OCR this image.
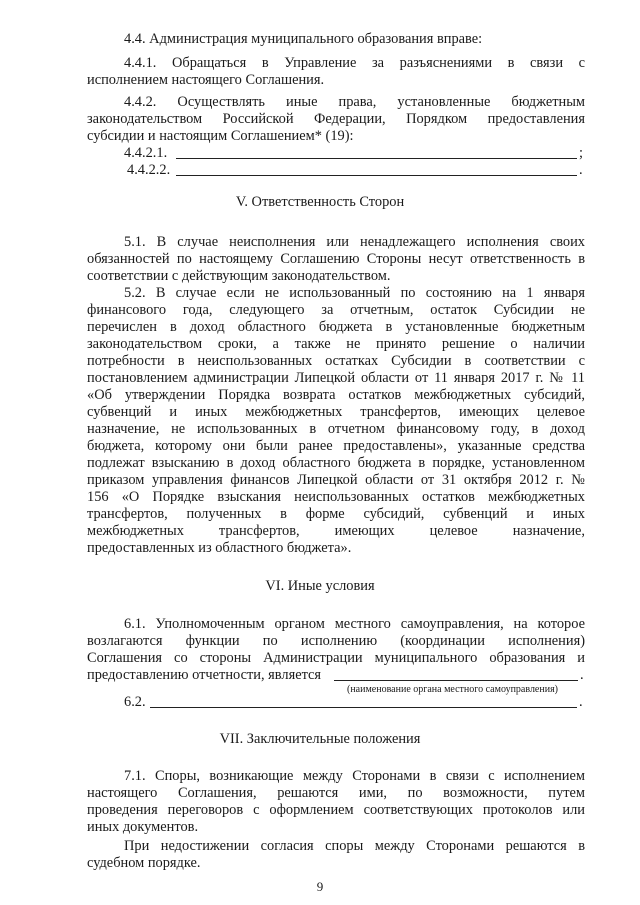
4.4. Администрация муниципального образования вправе:
4.4.1. Обращаться в Управление за разъяснениями в связи с
исполнением настоящего Соглашения.
4.4.2. Осуществлять иные права, установленные бюджетным
законодательством Российской Федерации, Порядком предоставления
субсидии и настоящим Соглашением* (19):
4.4.2.1.	;
4.4.2.2.	.
V. Ответственность Сторон
5.1. В случае неисполнения или ненадлежащего исполнения своих
обязанностей по настоящему Соглашению Стороны несут ответственность в
соответствии с действующим законодательством.
5.2. В случае если не использованный по состоянию на 1 января
финансового года, следующего за отчетным, остаток Субсидии не
перечислен в доход областного бюджета в установленные бюджетным
законодательством сроки, а также не принято решение о наличии
потребности в неиспользованных остатках Субсидии в соответствии с
постановлением администрации Липецкой области от 11 января 2017 г. № 11
«Об утверждении Порядка возврата остатков межбюджетных субсидий,
субвенций и иных межбюджетных трансфертов, имеющих целевое
назначение, не использованных в отчетном финансовому году, в доход
бюджета, которому они были ранее предоставлены», указанные средства
подлежат взысканию в доход областного бюджета в порядке, установленном
приказом управления финансов Липецкой области от 31 октября 2012 г. №
156 «О Порядке взыскания неиспользованных остатков межбюджетных
трансфертов, полученных в форме субсидий, субвенций и иных
межбюджетных трансфертов, имеющих целевое назначение,
предоставленных из областного бюджета».
VI. Иные условия
6.1. Уполномоченным органом местного самоуправления, на которое
возлагаются функции по исполнению (координации исполнения)
Соглашения со стороны Администрации муниципального образования и
предоставлению отчетности, является	.
(наименование органа местного самоуправления)
6.2.	.
VII. Заключительные положения
7.1. Споры, возникающие между Сторонами в связи с исполнением
настоящего Соглашения, решаются ими, по возможности, путем
проведения переговоров с оформлением соответствующих протоколов или
иных документов.
При недостижении согласия споры между Сторонами решаются в
судебном порядке.
9
